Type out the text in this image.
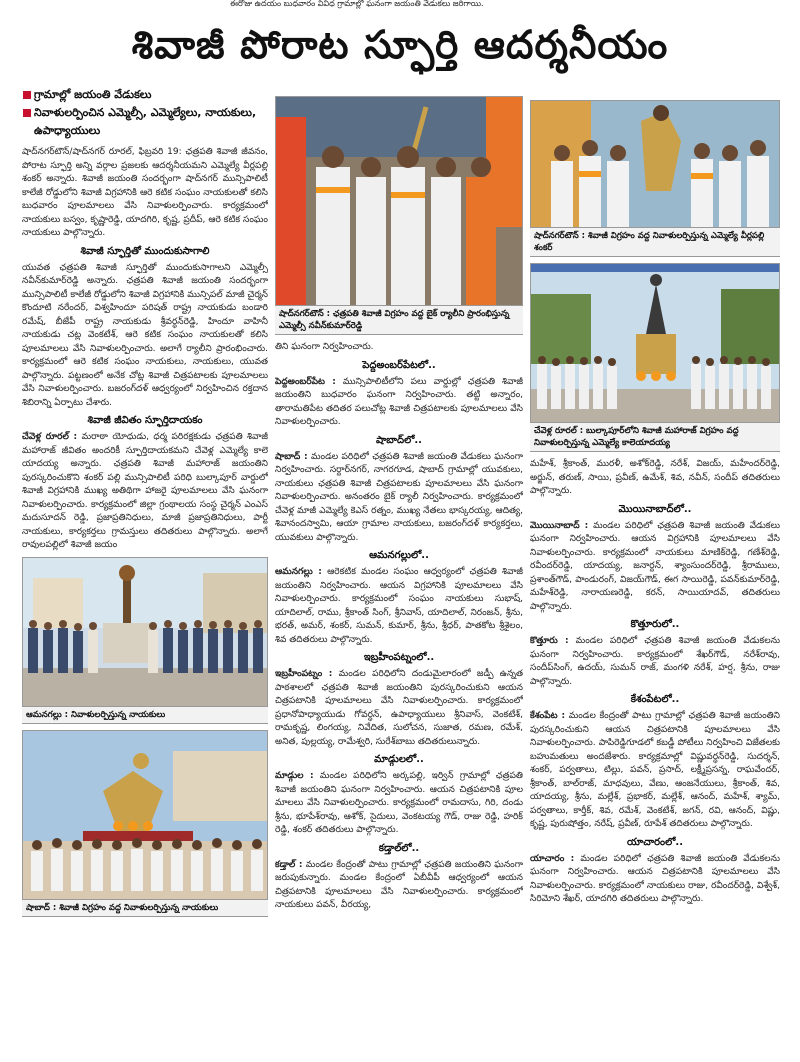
ఈరోజు ఉదయం బుధవారం వివిధ గ్రామాల్లో ఘనంగా జయంతి వేడుకలు జరిగాయి.
శివాజీ పోరాట స్ఫూర్తి ఆదర్శనీయం
గ్రామాల్లో జయంతి వేడుకలు
నివాళులర్పించిన ఎమ్మెల్సీ, ఎమ్మెల్యేలు, నాయకులు, ఉపాధ్యాయులు

షాద్‌నగర్‌టౌన్/షాద్‌నగర్ రూరల్, ఫిబ్రవరి 19: ఛత్రపతి శివాజీ జీవనం, పోరాట స్ఫూర్తి అన్ని వర్గాల ప్రజలకు ఆదర్శనీయమని ఎమ్మెల్యే వీర్లపల్లి శంకర్ అన్నారు. శివాజీ జయంతి సందర్భంగా షాద్‌నగర్ మున్సిపాలిటీ కాలేజీ రోడ్డులోని శివాజీ విగ్రహానికి ఆరె కటిక సంఘం నాయకులతో కలిసి బుధవారం పూలమాలలు వేసి నివాళులర్పించారు. కార్యక్రమంలో నాయకులు బస్వం, కృష్ణారెడ్డి, యాదగిరి, కృష్ణ, ప్రదీప్, ఆరె కటిక సంఘం నాయకులు పాల్గొన్నారు.

శివాజీ స్ఫూర్తితో ముందుకుసాగాలి

యువత ఛత్రపతి శివాజీ స్ఫూర్తితో ముందుకుసాగాలని ఎమ్మెల్సీ నవీన్‌కుమార్‌రెడ్డి అన్నారు. ఛత్రపతి శివాజీ జయంతి సందర్భంగా మున్సిపాలిటీ కాలేజీ రోడ్డులోని శివాజీ విగ్రహానికి మున్సిపల్ మాజీ చైర్మన్ కొందూటి నరేందర్, విశ్వహిందూ పరిషత్ రాష్ట్ర నాయకుడు బండారి రమేష్, బీజేపీ రాష్ట్ర నాయకుడు శ్రీవర్ధన్‌రెడ్డి, హిందూ వాహినీ నాయకుడు చట్ల వెంకటేశ్, ఆరె కటిక సంఘం నాయకులతో కలిసి పూలమాలలు వేసి నివాళులర్పించారు. అలాగే ర్యాలీని ప్రారంభించారు. కార్యక్రమంలో ఆరె కటిక సంఘం నాయకులు, నాయకులు, యువత పాల్గొన్నారు. పట్టణంలో అనేక చోట్ల శివాజీ చిత్రపటాలకు పూలమాలలు వేసి నివాళులర్పించారు. బజరంగ్‌దళ్ ఆధ్వర్యంలో నిర్వహించిన రక్తదాన శిబిరాన్ని ఏర్పాటు చేశారు.

శివాజీ జీవితం స్ఫూర్తిదాయకం

చేవెళ్ల రూరల్ : మరాఠా యోధుడు, ధర్మ పరిరక్షకుడు ఛత్రపతి శివాజీ మహారాజ్ జీవితం అందరికీ స్ఫూర్తిదాయకమని చేవెళ్ల ఎమ్మెల్యే కాలె యాదయ్య అన్నారు. ఛత్రపతి శివాజీ మహారాజ్ జయంతిని పురస్కరించుకొని శంకర్ పల్లి మున్సిపాలిటీ పరిధి బుల్కాపూర్ వార్డులో శివాజీ విగ్రహానికి ముఖ్య అతిథిగా హాజరై పూలమాలలు వేసి ఘనంగా నివాళులర్పించారు. కార్యక్రమంలో జిల్లా గ్రంథాలయ సంస్థ చైర్మన్ ఎంఎస్ మదుసూదన్ రెడ్డి, ప్రజాప్రతినిధులు, మాజీ ప్రజాప్రతినిధులు, పార్టీ నాయకులు, కార్యకర్తలు గ్రామస్తులు తదితరులు పాల్గొన్నారు. అలాగే రావులపల్లిలో శివాజీ జయం

ఆమనగల్లు : నివాళులర్పిస్తున్న నాయకులు
షాబాద్ : శివాజీ విగ్రహం వద్ద నివాళులర్పిస్తున్న నాయకులు
షాద్‌నగర్‌టౌన్ : ఛత్రపతి శివాజీ విగ్రహం వద్ద బైక్ ర్యాలీని ప్రారంభిస్తున్న ఎమ్మెల్సీ నవీన్‌కుమార్‌రెడ్డి

తిని ఘనంగా నిర్వహించారు.

పెద్దఅంబర్‌పేటలో..

పెద్దఅంబర్‌పేట : మున్సిపాలిటీలోని పలు వార్డుల్లో ఛత్రపతి శివాజీ జయంతిని బుధవారం ఘనంగా నిర్వహించారు. తట్టి అన్నారం, తారామతిపేట తదితర పలుచోట్ల శివాజీ చిత్రపటాలకు పూలమాలలు వేసి నివాళులర్పించారు.

షాబాద్‌లో..

షాబాద్ : మండల పరిధిలో ఛత్రపతి శివాజీ జయంతి వేడుకలు ఘనంగా నిర్వహించారు. సర్దార్‌నగర్, నాగరగూడ, షాబాద్ గ్రామాల్లో యువకులు, నాయకులు ఛత్రపతి శివాజీ చిత్రపటాలకు పూలమాలలు వేసి ఘనంగా నివాళులర్పించారు. అనంతరం బైక్ ర్యాలీ నిర్వహించారు. కార్యక్రమంలో చేవెళ్ల మాజీ ఎమ్మెల్యే కెఎస్ రత్నం, ముఖ్య నేతలు భాస్కరయ్య, ఆదిత్య, శివానందస్వామి, ఆయా గ్రామాల నాయకులు, బజరంగ్‌దళ్ కార్యకర్తలు, యువకులు పాల్గొన్నారు.

ఆమనగల్లులో..

ఆమనగల్లు : ఆరెకటిక మండల సంఘం ఆధ్వర్యంలో ఛత్రపతి శివాజీ జయంతిని నిర్వహించారు. ఆయన విగ్రహానికి పూలమాలలు వేసి నివాళులర్పించారు. కార్యక్రమంలో సంఘం నాయకులు సుభాష్, యాదిలాల్, రాము, శ్రీకాంత్ సింగ్, శ్రీనివాస్, యాదిలాల్, నిరంజన్, శ్రీను, భరత్, అమర్, శంకర్, సుమన్, కుమార్, శ్రీను, శ్రీధర్, పాతకోట శ్రీశైలం, శివ తదితరులు పాల్గొన్నారు.

ఇబ్రహీంపట్నంలో..

ఇబ్రహీంపట్నం : మండల పరిధిలోని దండుమైలారంలో జడ్పీ ఉన్నత పాఠశాలలో ఛత్రపతి శివాజీ జయంతిని పురస్కరించుకుని ఆయన చిత్రపటానికి పూలమాలలు వేసి నివాళులర్పించారు. కార్యక్రమంలో ప్రధానోపాధ్యాయుడు గోవర్ధన్, ఉపాధ్యాయులు శ్రీనివాస్, వెంకటేశ్, రామకృష్ణ, లింగయ్య, నివేదిత, సులోచన, సుజాత, రమణ, రమేశ్, అనిత, పుల్లయ్య, రామేశ్వరి, సురేశ్‌బాబు తదితరులున్నారు.

మాడ్గులలో..

మాడ్గుల : మండల పరిధిలోని అర్కపల్లి, ఇర్విన్ గ్రామాల్లో ఛత్రపతి శివాజీ జయంతిని ఘనంగా నిర్వహించారు. ఆయన చిత్రపటానికి పూల మాలలు వేసి నివాళులర్పించారు. కార్యక్రమంలో రామదాసు, గిరి, దండు శ్రీను, భూపేశ్‌రావు, ఆశోక్, సైదులు, వెంకటయ్య గౌడ్, రాజు రెడ్డి, హరిక్ రెడ్డి, శంకర్ తదితరులు పాల్గొన్నారు.

కడ్తాల్‌లో..

కడ్తాల్ : మండల కేంద్రంతో పాటు గ్రామాల్లో ఛత్రపతి జయంతిని ఘనంగా జరుపుకున్నారు. మండల కేంద్రంలో ఏబీవీపీ ఆధ్వర్యంలో ఆయన చిత్రపటానికి పూలమాలలు వేసి నివాళులర్పించారు. కార్యక్రమంలో నాయకులు పవన్, వీరయ్య,

షాద్‌నగర్‌టౌన్ : శివాజీ విగ్రహం వద్ద నివాళులర్పిస్తున్న ఎమ్మెల్యే వీర్లపల్లి శంకర్
చేవెళ్ల రూరల్ : బుల్కాపూర్‌లోని శివాజీ మహారాజ్ విగ్రహం వద్ద నివాళులర్పిస్తున్న ఎమ్మెల్యే కాలెయాదయ్య

మహేశ్, శ్రీకాంత్, మురళీ, అశోక్‌రెడ్డి, నరేశ్, విజయ్, మహేందర్‌రెడ్డి, అర్జున్, తరుణ్, సాయి, ప్రవీణ్, ఉమేశ్, శివ, నవీన్, సందీప్ తదితరులు పాల్గొన్నారు.

మొయినాబాద్‌లో..

మొయినాబాద్ : మండల పరిధిలో ఛత్రపతి శివాజీ జయంతి వేడుకలు ఘనంగా నిర్వహించారు. ఆయన విగ్రహానికి పూలమాలలు వేసి నివాళులర్పించారు. కార్యక్రమంలో నాయకులు మాణిక్‌రెడ్డి, గణేశ్‌రెడ్డి, రవీందర్‌రెడ్డి, యాదయ్య, జనార్దన్, శ్యాంసుందర్‌రెడ్డి, శ్రీరాములు, ప్రశాంత్‌గౌడ్, పాండురంగ్, విజయ్‌గౌడ్, ఈగ సాయిరెడ్డి, పవన్‌కుమార్‌రెడ్డి, మహేశ్‌రెడ్డి, నారాయణరెడ్డి, కరన్, సాయియాదవ్, తదితరులు పాల్గొన్నారు.

కొత్తూరులో..

కొత్తూరు : మండల పరిధిలో ఛత్రపతి శివాజీ జయంతి వేడుకలను ఘనంగా నిర్వహించారు. కార్యక్రమంలో శేఖర్‌గౌడ్, నరేశ్‌రావు, సందీప్‌సింగ్, ఉదయ్, సుమన్ రాజ్, మంగళి నరేశ్, హర్ష, శ్రీను, రాజు పాల్గొన్నారు.

కేశంపేటలో..

కేశంపేట : మండల కేంద్రంతో పాటు గ్రామాల్లో ఛత్రపతి శివాజీ జయంతిని పురస్కరించుకుని ఆయన చిత్రపటానికి పూలమాలలు వేసి నివాళులర్పించారు. పాపిరెడ్డిగూడలో కబడ్డీ పోటీలు నిర్వహించి విజేతలకు బహుమతులు అందజేశారు. కార్యక్రమాల్లో విష్ణువర్ధన్‌రెడ్డి, సుదర్శన్, శంకర్, పర్వతాలు, టిల్లు, పవన్, ప్రసాద్, లక్ష్మీప్రసన్న, రాఘవేందర్, శ్రీకాంత్, బాల్‌రాజ్, మాధవులు, వేణు, ఆంజనేయులు, శ్రీకాంత్, శివ, యాదయ్య, శ్రీను, మల్లేశ్, ప్రభాకర్, మల్లేశ్, ఆనంద్, మహేశ్, శ్యామ్, పర్వతాలు, కార్తీక్, శివ, రమేశ్, వెంకటేశ్, జగన్, రవి, ఆనంద్, విష్ణు, కృష్ణ, పురుషోత్తం, నరేష్, ప్రవీణ్, రూపేశ్ తదితరులు పాల్గొన్నారు.

యాచారంలో..

యాచారం : మండల పరిధిలో ఛత్రపతి శివాజీ జయంతి వేడుకలను ఘనంగా నిర్వహించారు. ఆయన చిత్రపటానికి పూలమాలలు వేసి నివాళులర్పించారు. కార్యక్రమంలో నాయకులు రాజు, రవీందర్‌రెడ్డి, విశ్వేశ్, సిరిమోని శేఖర్, యాదగిరి తదితరులు పాల్గొన్నారు.
